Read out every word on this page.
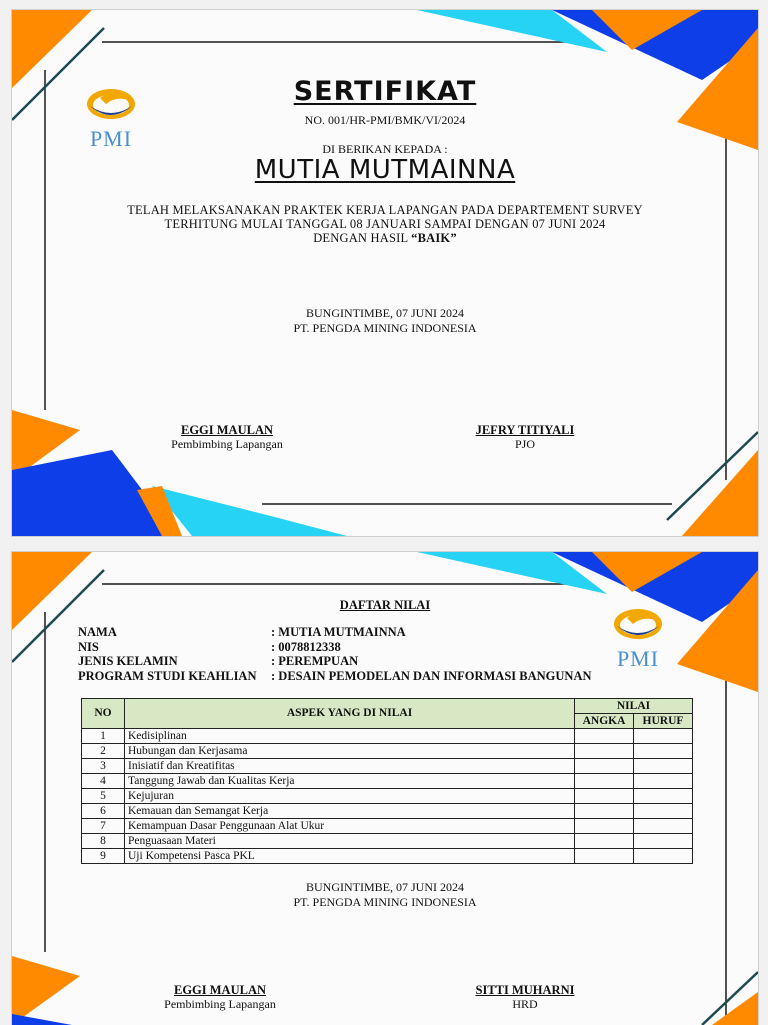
PMI
SERTIFIKAT
NO. 001/HR-PMI/BMK/VI/2024
DI BERIKAN KEPADA :
MUTIA MUTMAINNA
TELAH MELAKSANAKAN PRAKTEK KERJA LAPANGAN PADA DEPARTEMENT SURVEY
TERHITUNG MULAI TANGGAL 08 JANUARI SAMPAI DENGAN 07 JUNI 2024
DENGAN HASIL “BAIK”
BUNGINTIMBE, 07 JUNI 2024
PT. PENGDA MINING INDONESIA
EGGI MAULAN
Pembimbing Lapangan
JEFRY TITIYALI
PJO
PMI
DAFTAR NILAI
NAMA	: MUTIA MUTMAINNA
NIS	: 0078812338
JENIS KELAMIN	: PEREMPUAN
PROGRAM STUDI KEAHLIAN : DESAIN PEMODELAN DAN INFORMASI BANGUNAN
NO	ASPEK YANG DI NILAI	NILAI	
		ANGKA	HURUF
1	Kedisiplinan		
2	Hubungan dan Kerjasama		
3	Inisiatif dan Kreatifitas		
4	Tanggung Jawab dan Kualitas Kerja		
5	Kejujuran		
6	Kemauan dan Semangat Kerja		
7	Kemampuan Dasar Penggunaan Alat Ukur		
8	Penguasaan Materi		
9	Uji Kompetensi Pasca PKL		
BUNGINTIMBE, 07 JUNI 2024
PT. PENGDA MINING INDONESIA
EGGI MAULAN
Pembimbing Lapangan
SITTI MUHARNI
HRD
